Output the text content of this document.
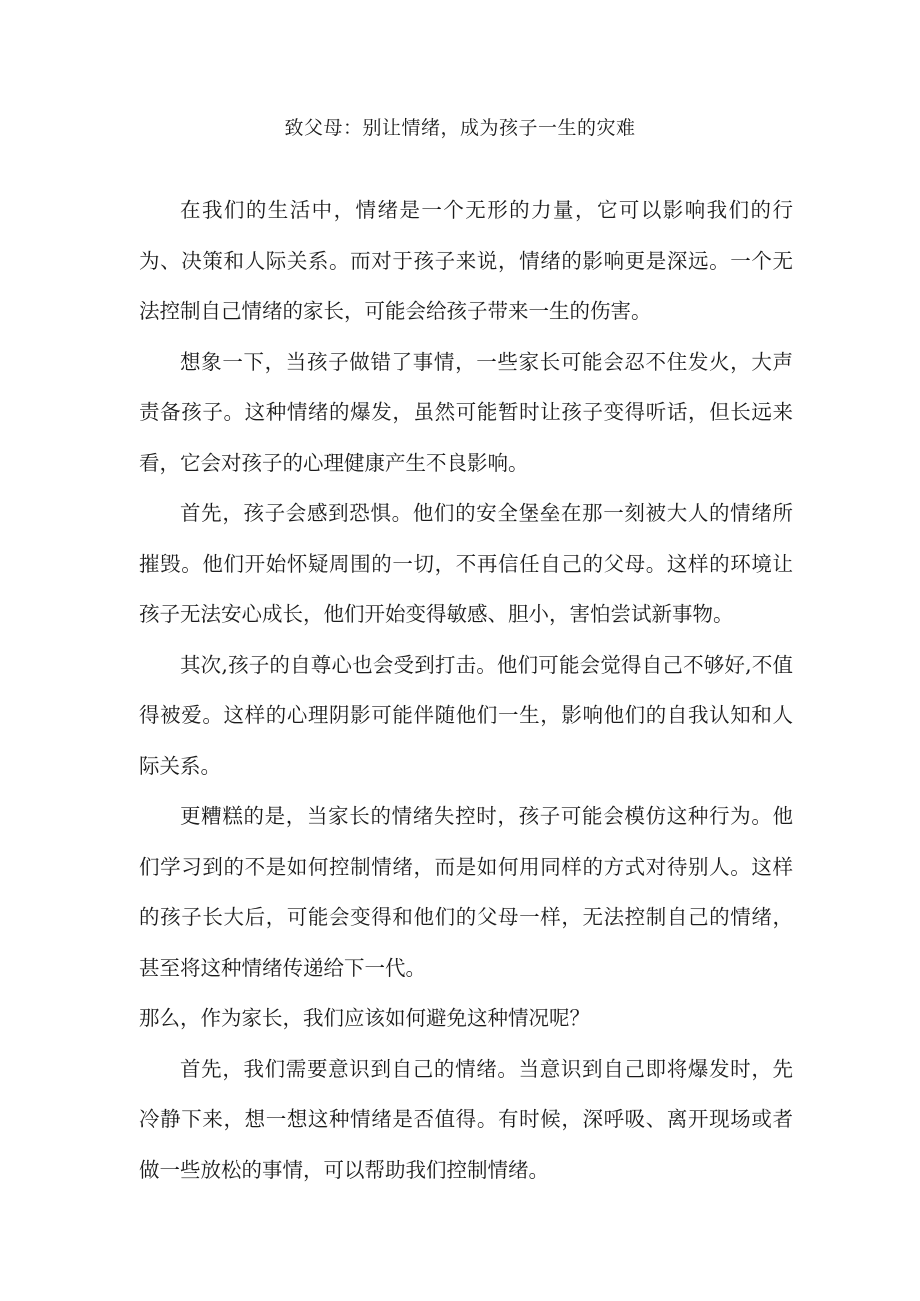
致父母：别让情绪，成为孩子一生的灾难

在我们的生活中，情绪是一个无形的力量，它可以影响我们的行为、决策和人际关系。而对于孩子来说，情绪的影响更是深远。一个无法控制自己情绪的家长，可能会给孩子带来一生的伤害。

想象一下，当孩子做错了事情，一些家长可能会忍不住发火，大声责备孩子。这种情绪的爆发，虽然可能暂时让孩子变得听话，但长远来看，它会对孩子的心理健康产生不良影响。

首先，孩子会感到恐惧。他们的安全堡垒在那一刻被大人的情绪所摧毁。他们开始怀疑周围的一切，不再信任自己的父母。这样的环境让孩子无法安心成长，他们开始变得敏感、胆小，害怕尝试新事物。

其次,孩子的自尊心也会受到打击。他们可能会觉得自己不够好,不值得被爱。这样的心理阴影可能伴随他们一生，影响他们的自我认知和人际关系。

更糟糕的是，当家长的情绪失控时，孩子可能会模仿这种行为。他们学习到的不是如何控制情绪，而是如何用同样的方式对待别人。这样的孩子长大后，可能会变得和他们的父母一样，无法控制自己的情绪，甚至将这种情绪传递给下一代。

那么，作为家长，我们应该如何避免这种情况呢？

首先，我们需要意识到自己的情绪。当意识到自己即将爆发时，先冷静下来，想一想这种情绪是否值得。有时候，深呼吸、离开现场或者做一些放松的事情，可以帮助我们控制情绪。
